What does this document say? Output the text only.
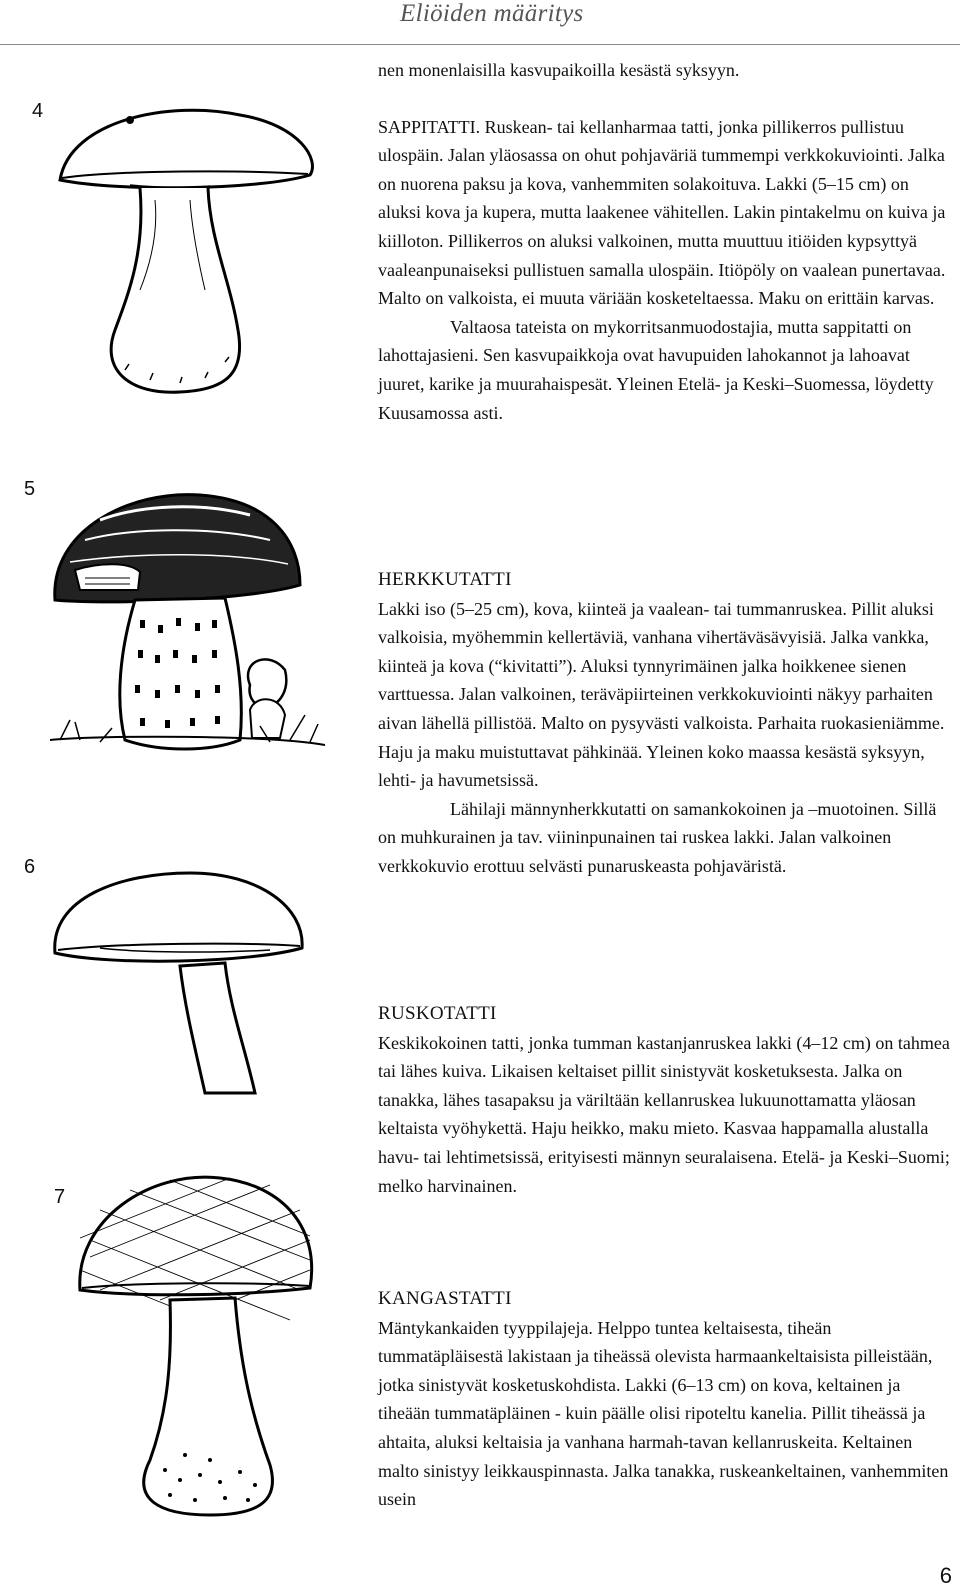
Eliöiden määritys
4
5
6
7

nen monenlaisilla kasvupaikoilla kesästä syksyyn.

SAPPITATTI. Ruskean- tai kellanharmaa tatti, jonka pillikerros pullistuu ulospäin. Jalan yläosassa on ohut pohjaväriä tummempi verkkokuviointi. Jalka on nuorena paksu ja kova, vanhemmiten solakoituva. Lakki (5–15 cm) on aluksi kova ja kupera, mutta laakenee vähitellen. Lakin pintakelmu on kuiva ja kiilloton. Pillikerros on aluksi valkoinen, mutta muuttuu itiöiden kypsyttyä vaaleanpunaiseksi pullistuen samalla ulospäin. Itiöpöly on vaalean punertavaa. Malto on valkoista, ei muuta väriään kosketeltaessa. Maku on erittäin karvas.

Valtaosa tateista on mykorritsanmuodostajia, mutta sappitatti on lahottajasieni. Sen kasvupaikkoja ovat havupuiden lahokannot ja lahoavat juuret, karike ja muurahaispesät. Yleinen Etelä- ja Keski–Suomessa, löydetty Kuusamossa asti.

HERKKUTATTI

Lakki iso (5–25 cm), kova, kiinteä ja vaalean- tai tummanruskea. Pillit aluksi valkoisia, myöhemmin kellertäviä, vanhana vihertäväsävyisiä. Jalka vankka, kiinteä ja kova (“kivitatti”). Aluksi tynnyrimäinen jalka hoikkenee sienen varttuessa. Jalan valkoinen, teräväpiirteinen verkkokuviointi näkyy parhaiten aivan lähellä pillistöä. Malto on pysyvästi valkoista. Parhaita ruokasieniämme. Haju ja maku muistuttavat pähkinää. Yleinen koko maassa kesästä syksyyn, lehti- ja havumetsissä.

Lähilaji männynherkkutatti on samankokoinen ja –muotoinen. Sillä on muhkurainen ja tav. viininpunainen tai ruskea lakki. Jalan valkoinen verkkokuvio erottuu selvästi punaruskeasta pohjaväristä.

RUSKOTATTI

Keskikokoinen tatti, jonka tumman kastanjanruskea lakki (4–12 cm) on tahmea tai lähes kuiva. Likaisen keltaiset pillit sinistyvät kosketuksesta. Jalka on tanakka, lähes tasapaksu ja väriltään kellanruskea lukuunottamatta yläosan keltaista vyöhykettä. Haju heikko, maku mieto. Kasvaa happamalla alustalla havu- tai lehtimetsissä, erityisesti männyn seuralaisena. Etelä- ja Keski–Suomi; melko harvinainen.

KANGASTATTI

Mäntykankaiden tyyppilajeja. Helppo tuntea keltaisesta, tiheän tummatäpläisestä lakistaan ja tiheässä olevista harmaankeltaisista pilleistään, jotka sinistyvät kosketuskohdista. Lakki (6–13 cm) on kova, keltainen ja tiheään tummatäpläinen - kuin päälle olisi ripoteltu kanelia. Pillit tiheässä ja ahtaita, aluksi keltaisia ja vanhana harmah-tavan kellanruskeita. Keltainen malto sinistyy leikkauspinnasta. Jalka tanakka, ruskeankeltainen, vanhemmiten usein

6
